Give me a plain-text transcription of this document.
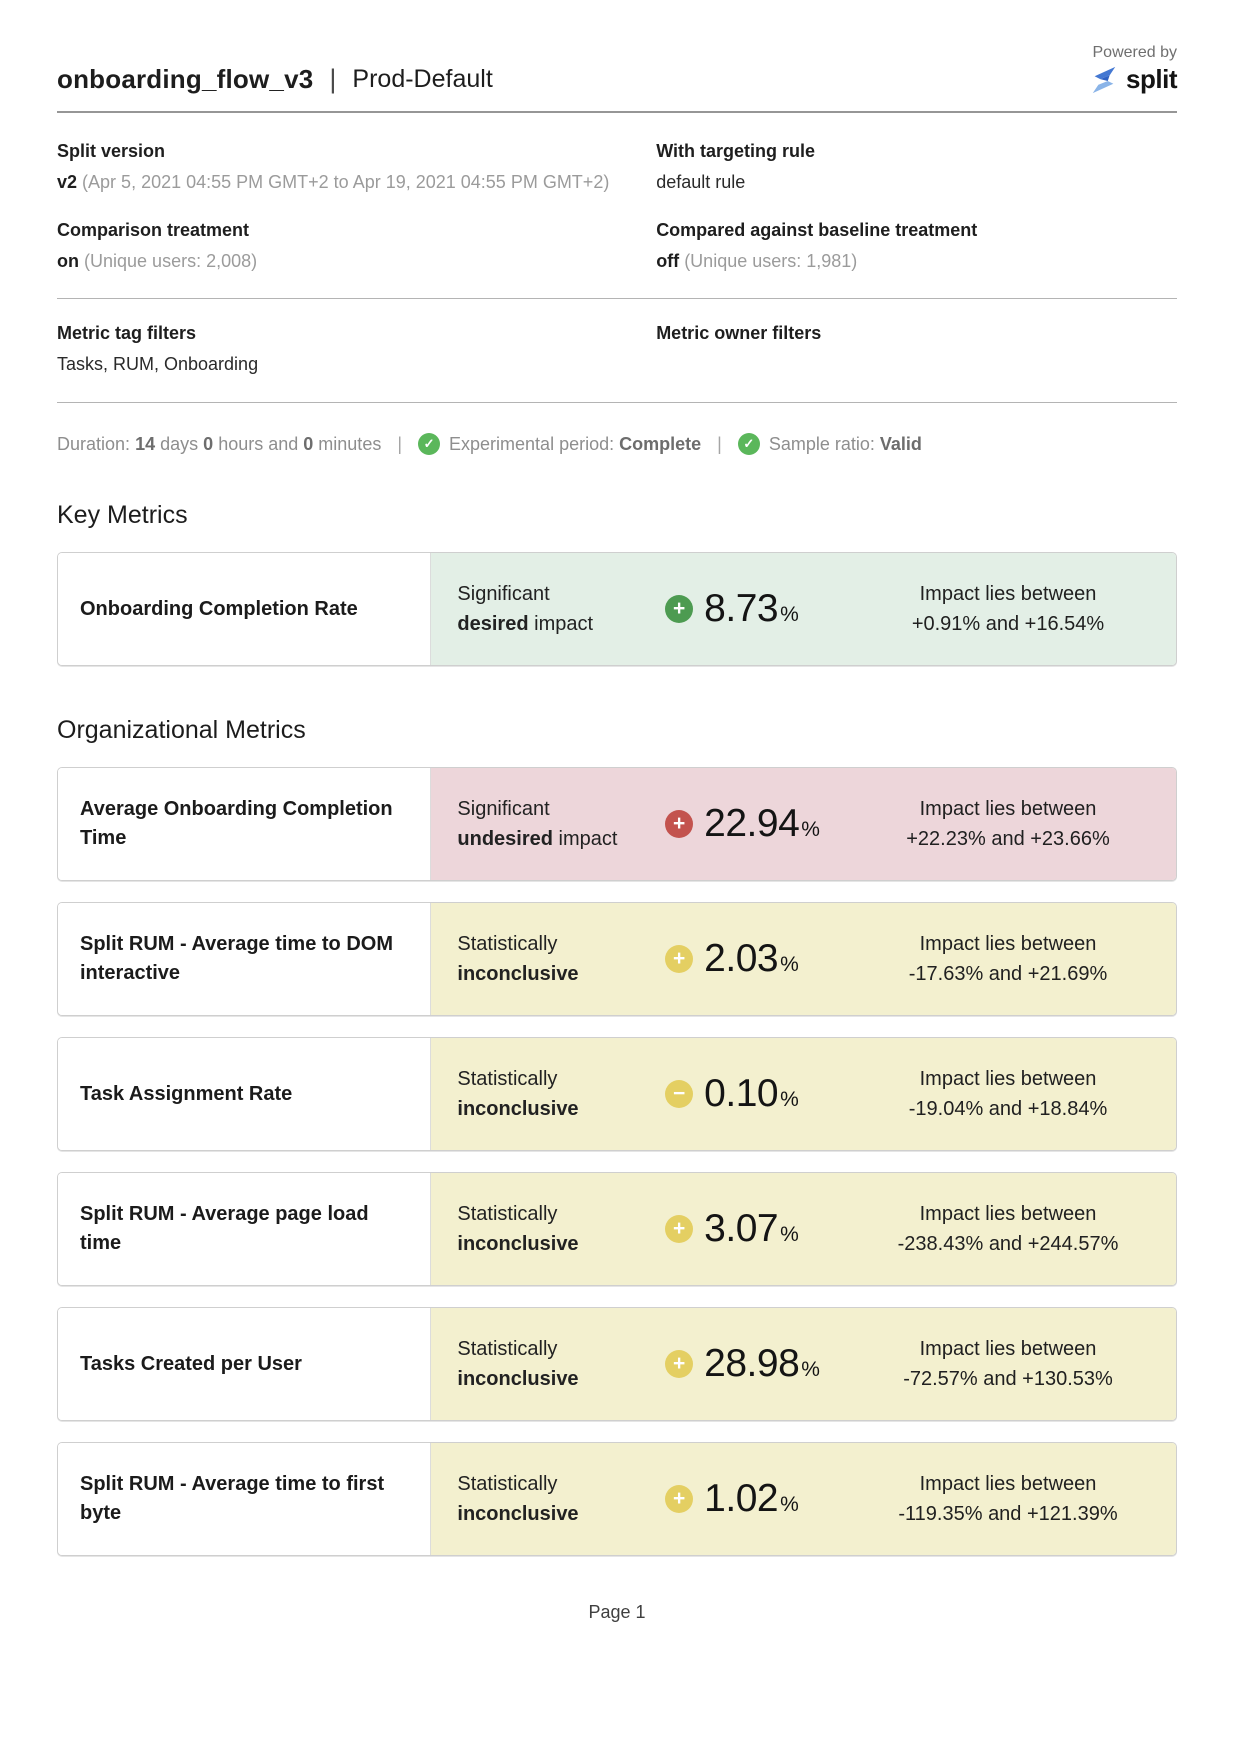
Powered by
onboarding_flow_v3 | Prod-Default	split
Split version
v2 (Apr 5, 2021 04:55 PM GMT+2 to Apr 19, 2021 04:55 PM GMT+2)
With targeting rule
default rule
Comparison treatment
on (Unique users: 2,008)
Compared against baseline treatment
off (Unique users: 1,981)
Metric tag filters
Tasks, RUM, Onboarding
Metric owner filters
Duration: 14 days 0 hours and 0 minutes |	✓ Experimental period: Complete |	✓ Sample ratio: Valid
Key Metrics
Onboarding Completion Rate
Significant
desired impact
+ 8.73 %
Impact lies between
+0.91% and +16.54%
Organizational Metrics
Average Onboarding Completion Time
Significant
undesired impact
+ 22.94 %
Impact lies between
+22.23% and +23.66%
Split RUM - Average time to DOM interactive
Statistically
inconclusive
+ 2.03 %
Impact lies between
-17.63% and +21.69%
Task Assignment Rate
Statistically
inconclusive
− 0.10 %
Impact lies between
-19.04% and +18.84%
Split RUM - Average page load time
Statistically
inconclusive
+ 3.07 %
Impact lies between
-238.43% and +244.57%
Tasks Created per User
Statistically
inconclusive
+ 28.98 %
Impact lies between
-72.57% and +130.53%
Split RUM - Average time to first byte
Statistically
inconclusive
+ 1.02 %
Impact lies between
-119.35% and +121.39%
Page 1
